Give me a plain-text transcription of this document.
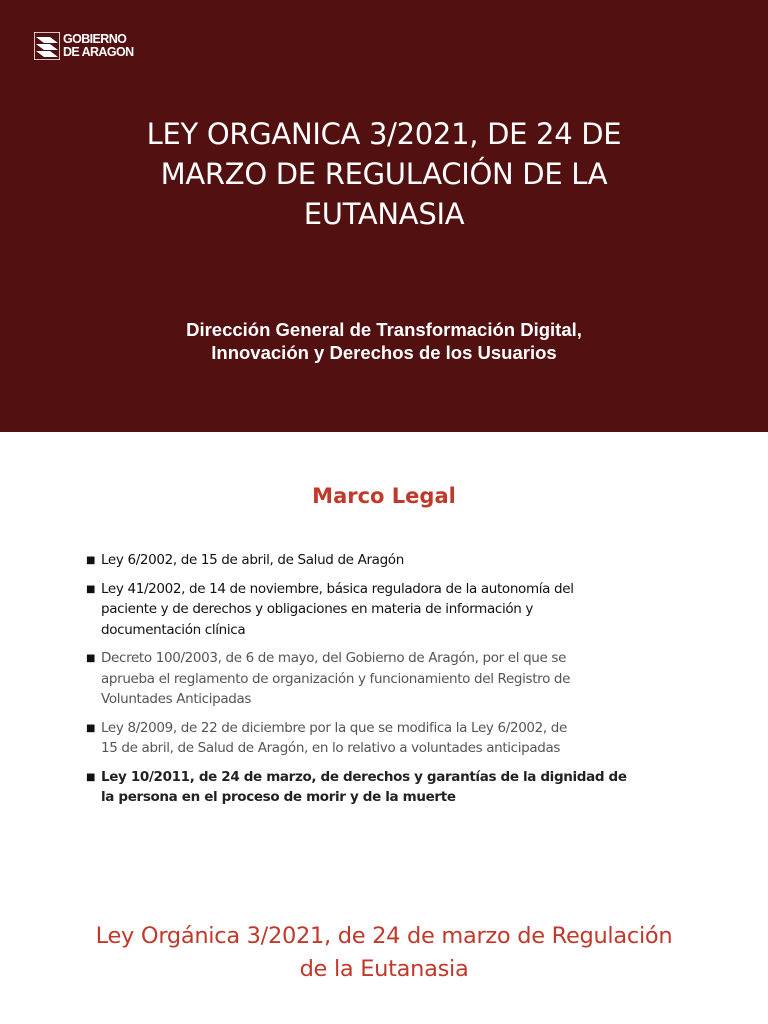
GOBIERNO
DE ARAGON
LEY ORGANICA 3/2021, DE 24 DE
MARZO DE REGULACIÓN DE LA
EUTANASIA
Dirección General de Transformación Digital,
Innovación y Derechos de los Usuarios
Marco Legal
■ Ley 6/2002, de 15 de abril, de Salud de Aragón
■ Ley 41/2002, de 14 de noviembre, básica reguladora de la autonomía del
paciente y de derechos y obligaciones en materia de información y
documentación clínica
■ Decreto 100/2003, de 6 de mayo, del Gobierno de Aragón, por el que se
aprueba el reglamento de organización y funcionamiento del Registro de
Voluntades Anticipadas
■ Ley 8/2009, de 22 de diciembre por la que se modifica la Ley 6/2002, de
15 de abril, de Salud de Aragón, en lo relativo a voluntades anticipadas
■ Ley 10/2011, de 24 de marzo, de derechos y garantías de la dignidad de
la persona en el proceso de morir y de la muerte
Ley Orgánica 3/2021, de 24 de marzo de Regulación
de la Eutanasia
